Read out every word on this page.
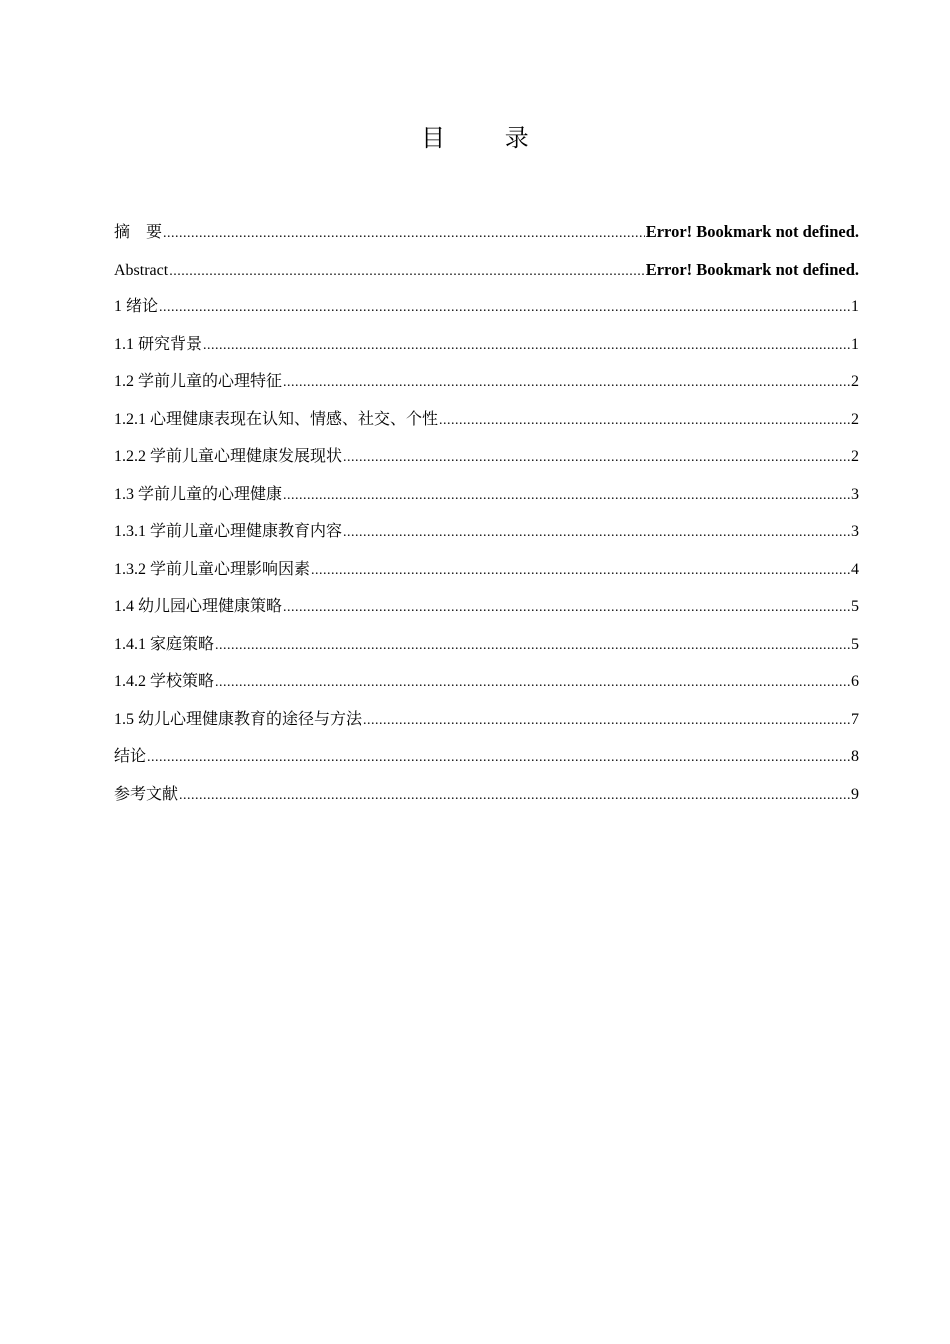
目 录
摘　要 .....	Error! Bookmark not defined.
Abstract .....	Error! Bookmark not defined.
1 绪论 .....	1
1.1 研究背景 .....	1
1.2 学前儿童的心理特征 .....	2
1.2.1 心理健康表现在认知、情感、社交、个性 .....	2
1.2.2 学前儿童心理健康发展现状 .....	2
1.3 学前儿童的心理健康 .....	3
1.3.1 学前儿童心理健康教育内容 .....	3
1.3.2 学前儿童心理影响因素 .....	4
1.4 幼儿园心理健康策略 .....	5
1.4.1 家庭策略 .....	5
1.4.2 学校策略 .....	6
1.5 幼儿心理健康教育的途径与方法 .....	7
结论 .....	8
参考文献 .....	9
